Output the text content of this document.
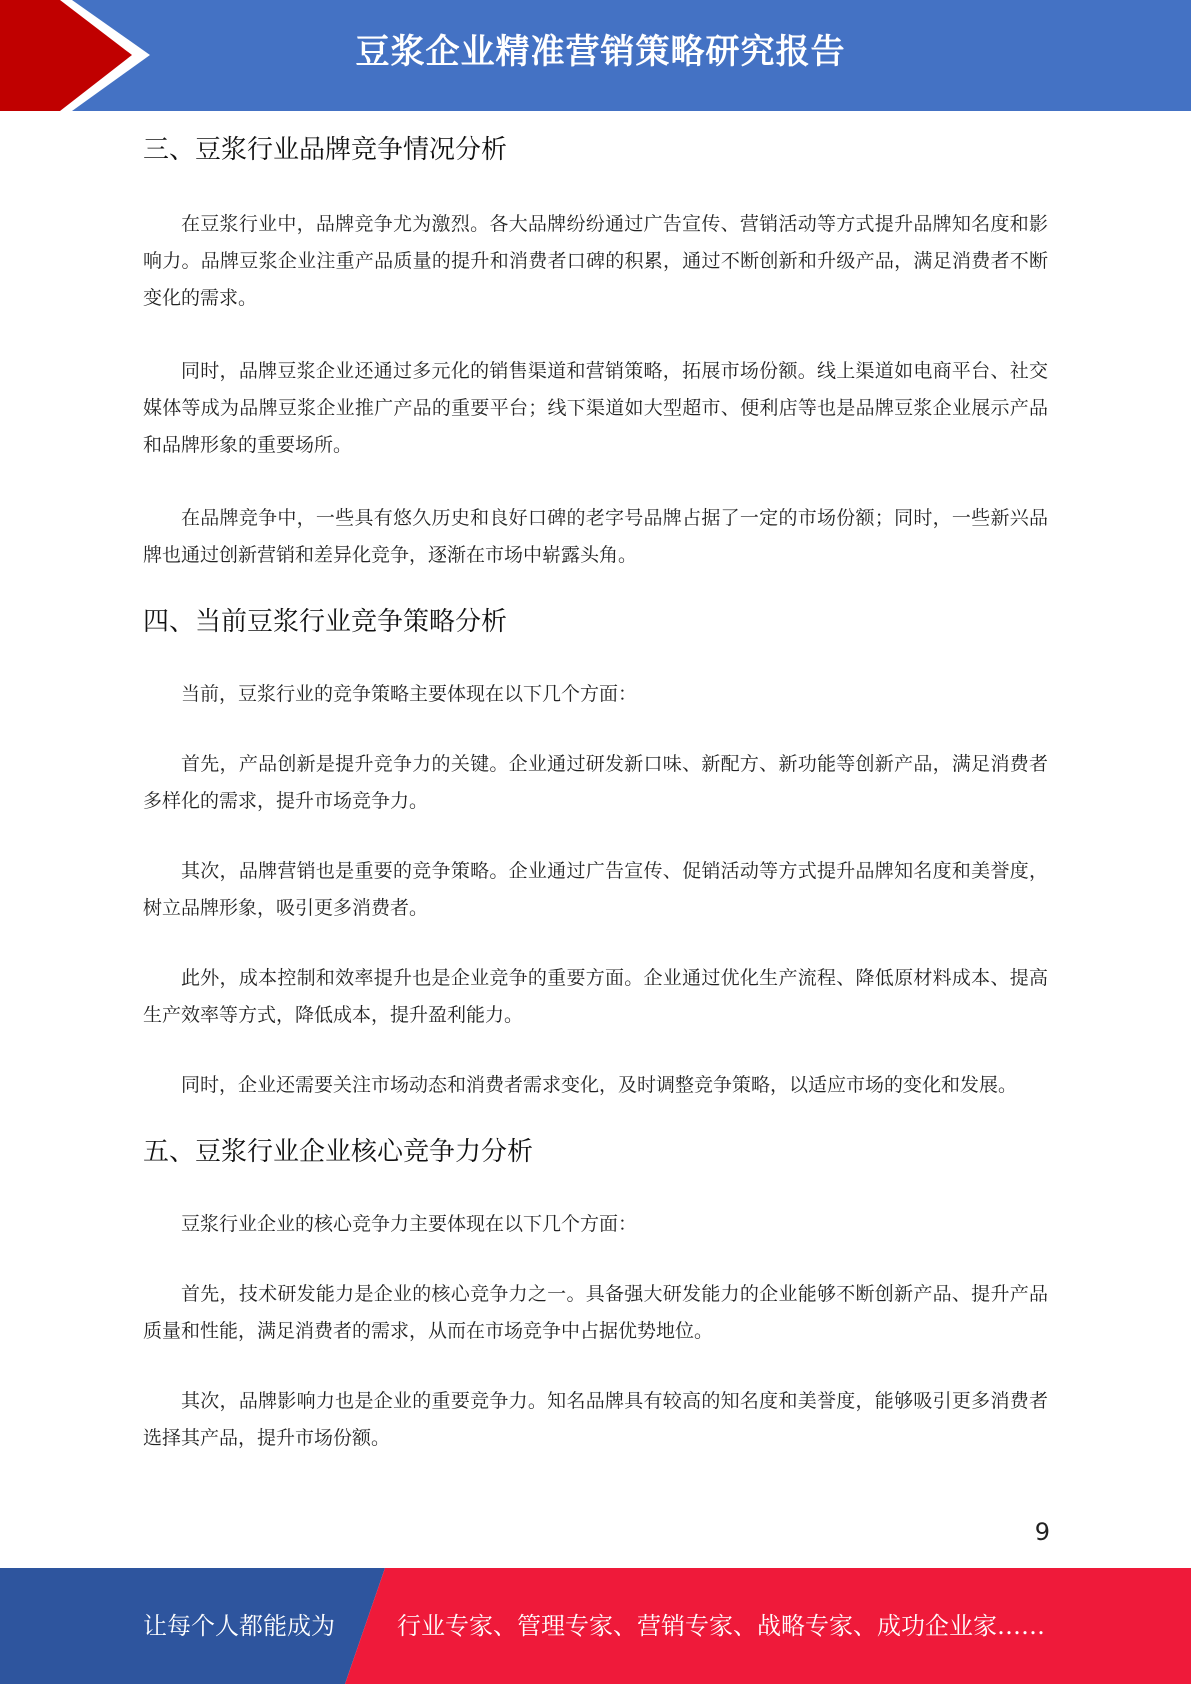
豆浆企业精准营销策略研究报告
三、豆浆行业品牌竞争情况分析

在豆浆行业中，品牌竞争尤为激烈。各大品牌纷纷通过广告宣传、营销活动等方式提升品牌知名度和影响力。品牌豆浆企业注重产品质量的提升和消费者口碑的积累，通过不断创新和升级产品，满足消费者不断变化的需求。

同时，品牌豆浆企业还通过多元化的销售渠道和营销策略，拓展市场份额。线上渠道如电商平台、社交媒体等成为品牌豆浆企业推广产品的重要平台；线下渠道如大型超市、便利店等也是品牌豆浆企业展示产品和品牌形象的重要场所。

在品牌竞争中，一些具有悠久历史和良好口碑的老字号品牌占据了一定的市场份额；同时，一些新兴品牌也通过创新营销和差异化竞争，逐渐在市场中崭露头角。

四、当前豆浆行业竞争策略分析

当前，豆浆行业的竞争策略主要体现在以下几个方面：

首先，产品创新是提升竞争力的关键。企业通过研发新口味、新配方、新功能等创新产品，满足消费者多样化的需求，提升市场竞争力。

其次，品牌营销也是重要的竞争策略。企业通过广告宣传、促销活动等方式提升品牌知名度和美誉度，树立品牌形象，吸引更多消费者。

此外，成本控制和效率提升也是企业竞争的重要方面。企业通过优化生产流程、降低原材料成本、提高生产效率等方式，降低成本，提升盈利能力。

同时，企业还需要关注市场动态和消费者需求变化，及时调整竞争策略，以适应市场的变化和发展。

五、豆浆行业企业核心竞争力分析

豆浆行业企业的核心竞争力主要体现在以下几个方面：

首先，技术研发能力是企业的核心竞争力之一。具备强大研发能力的企业能够不断创新产品、提升产品质量和性能，满足消费者的需求，从而在市场竞争中占据优势地位。

其次，品牌影响力也是企业的重要竞争力。知名品牌具有较高的知名度和美誉度，能够吸引更多消费者选择其产品，提升市场份额。

9
让每个人都能成为	行业专家、管理专家、营销专家、战略专家、成功企业家……
